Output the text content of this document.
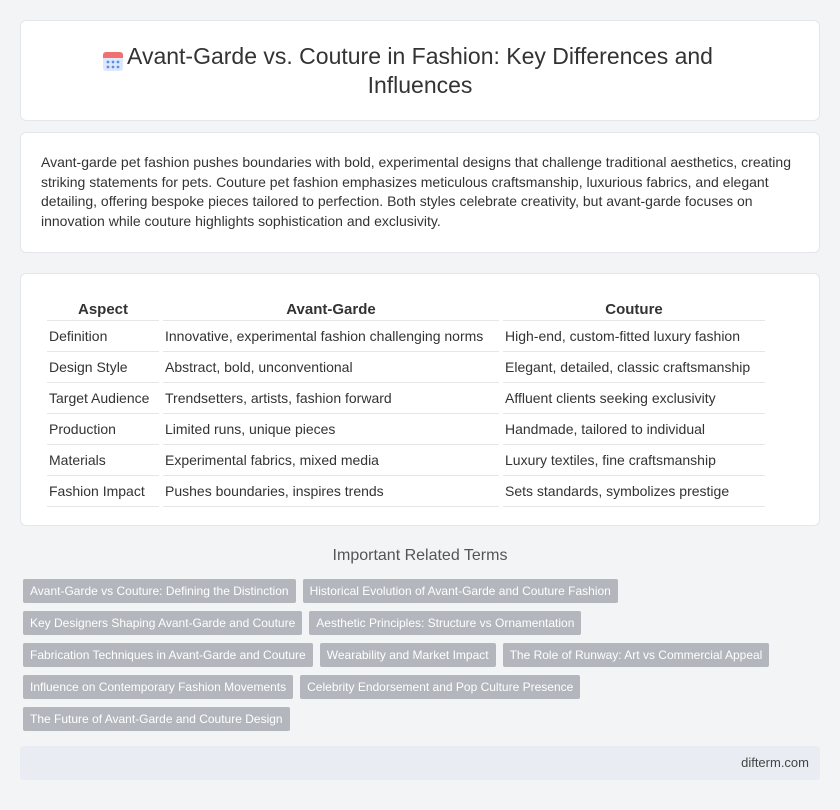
Avant-Garde vs. Couture in Fashion: Key Differences and Influences

Avant-garde pet fashion pushes boundaries with bold, experimental designs that challenge traditional aesthetics, creating striking statements for pets. Couture pet fashion emphasizes meticulous craftsmanship, luxurious fabrics, and elegant detailing, offering bespoke pieces tailored to perfection. Both styles celebrate creativity, but avant-garde focuses on innovation while couture highlights sophistication and exclusivity.

Aspect	Avant-Garde	Couture
Definition	Innovative, experimental fashion challenging norms	High-end, custom-fitted luxury fashion
Design Style	Abstract, bold, unconventional	Elegant, detailed, classic craftsmanship
Target Audience	Trendsetters, artists, fashion forward	Affluent clients seeking exclusivity
Production	Limited runs, unique pieces	Handmade, tailored to individual
Materials	Experimental fabrics, mixed media	Luxury textiles, fine craftsmanship
Fashion Impact	Pushes boundaries, inspires trends	Sets standards, symbolizes prestige
Important Related Terms
Avant-Garde vs Couture: Defining the Distinction	Historical Evolution of Avant-Garde and Couture Fashion
Key Designers Shaping Avant-Garde and Couture	Aesthetic Principles: Structure vs Ornamentation
Fabrication Techniques in Avant-Garde and Couture	Wearability and Market Impact	The Role of Runway: Art vs Commercial Appeal
Influence on Contemporary Fashion Movements	Celebrity Endorsement and Pop Culture Presence
The Future of Avant-Garde and Couture Design
difterm.com
